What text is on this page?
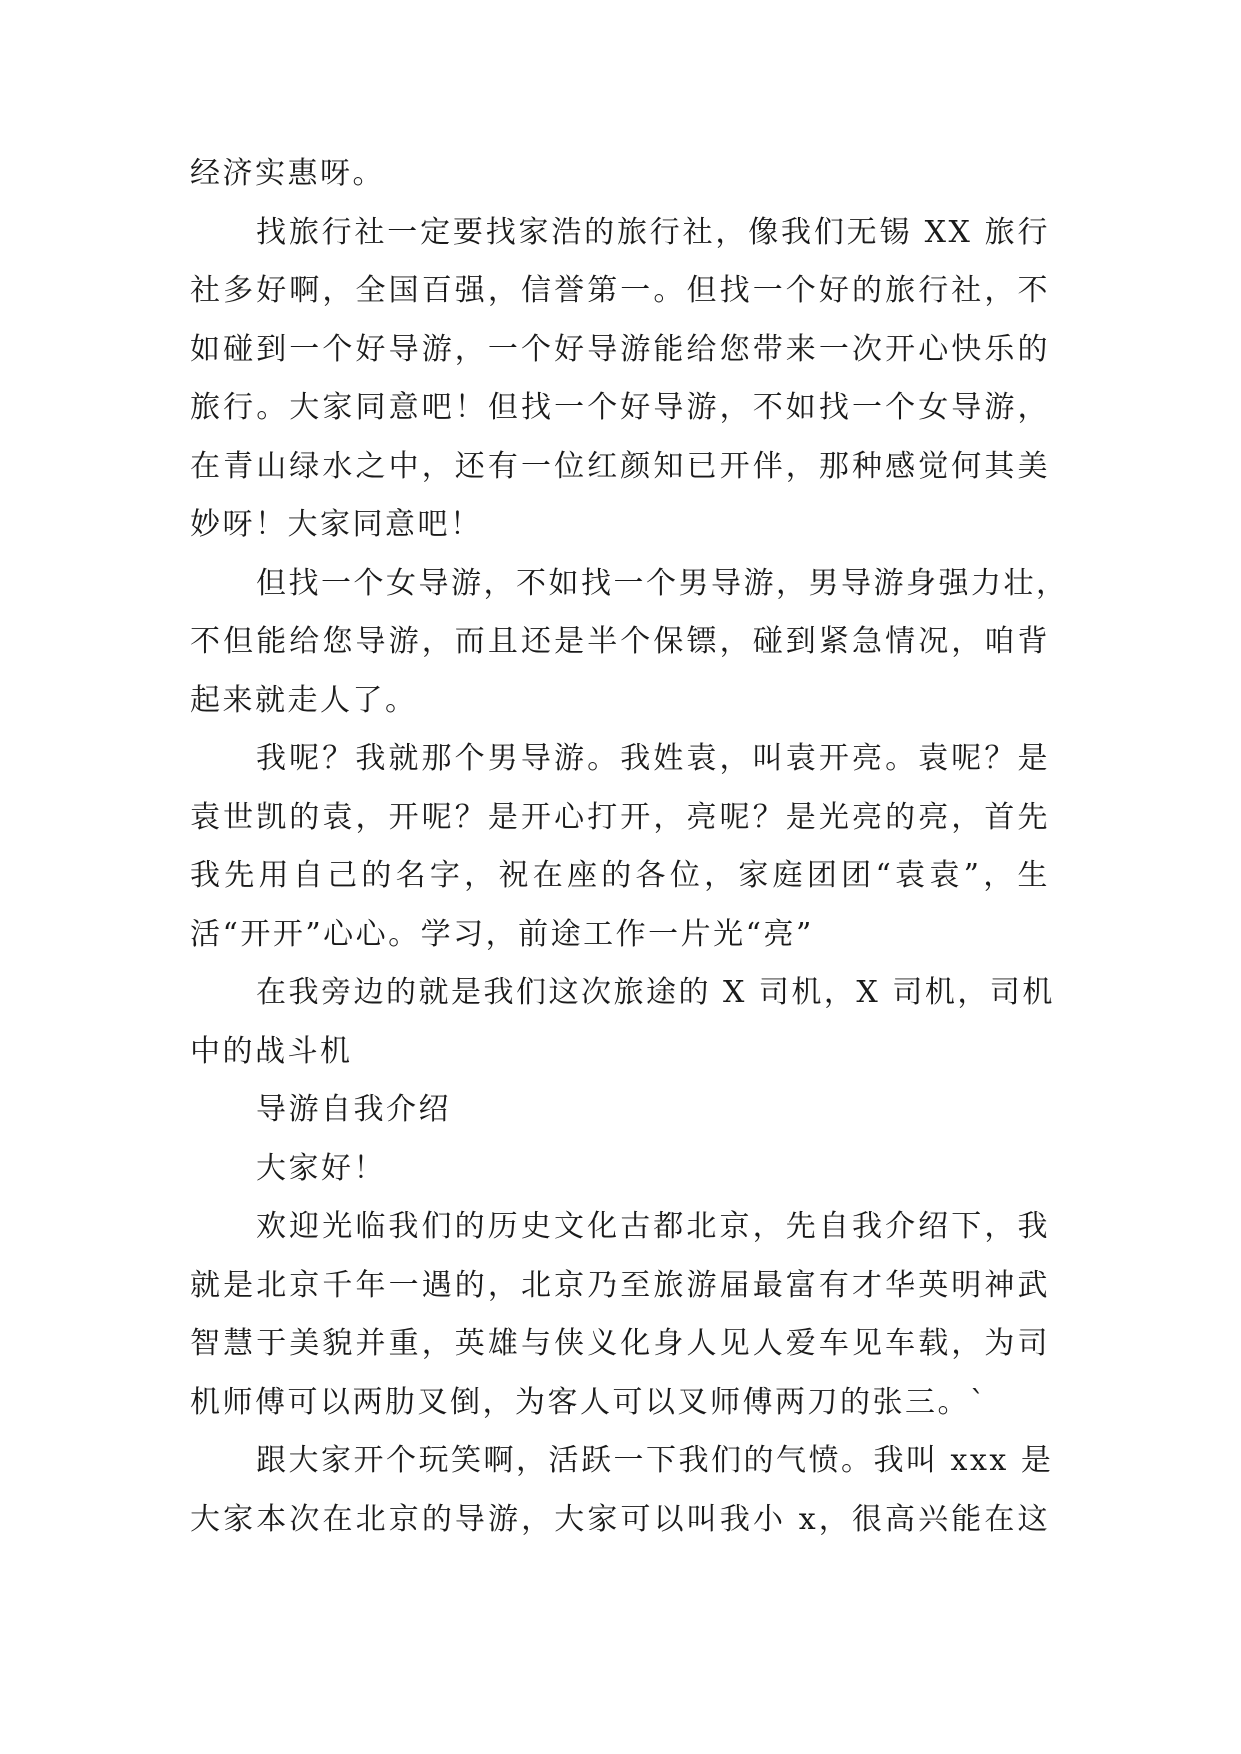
经济实惠呀。
找旅行社一定要找家浩的旅行社，像我们无锡 XX 旅行
社多好啊，全国百强，信誉第一。但找一个好的旅行社，不
如碰到一个好导游，一个好导游能给您带来一次开心快乐的
旅行。大家同意吧！但找一个好导游，不如找一个女导游，
在青山绿水之中，还有一位红颜知已开伴，那种感觉何其美
妙呀！大家同意吧！
但找一个女导游，不如找一个男导游，男导游身强力壮，
不但能给您导游，而且还是半个保镖，碰到紧急情况，咱背
起来就走人了。
我呢？我就那个男导游。我姓袁，叫袁开亮。袁呢？是
袁世凯的袁，开呢？是开心打开，亮呢？是光亮的亮，首先
我先用自己的名字，祝在座的各位，家庭团团“袁袁”，生
活“开开”心心。学习，前途工作一片光“亮”
在我旁边的就是我们这次旅途的 X 司机，X 司机，司机
中的战斗机
导游自我介绍
大家好！
欢迎光临我们的历史文化古都北京，先自我介绍下，我
就是北京千年一遇的，北京乃至旅游届最富有才华英明神武
智慧于美貌并重，英雄与侠义化身人见人爱车见车载，为司
机师傅可以两肋叉倒，为客人可以叉师傅两刀的张三。`
跟大家开个玩笑啊，活跃一下我们的气愤。我叫 xxx 是
大家本次在北京的导游，大家可以叫我小 x，很高兴能在这
